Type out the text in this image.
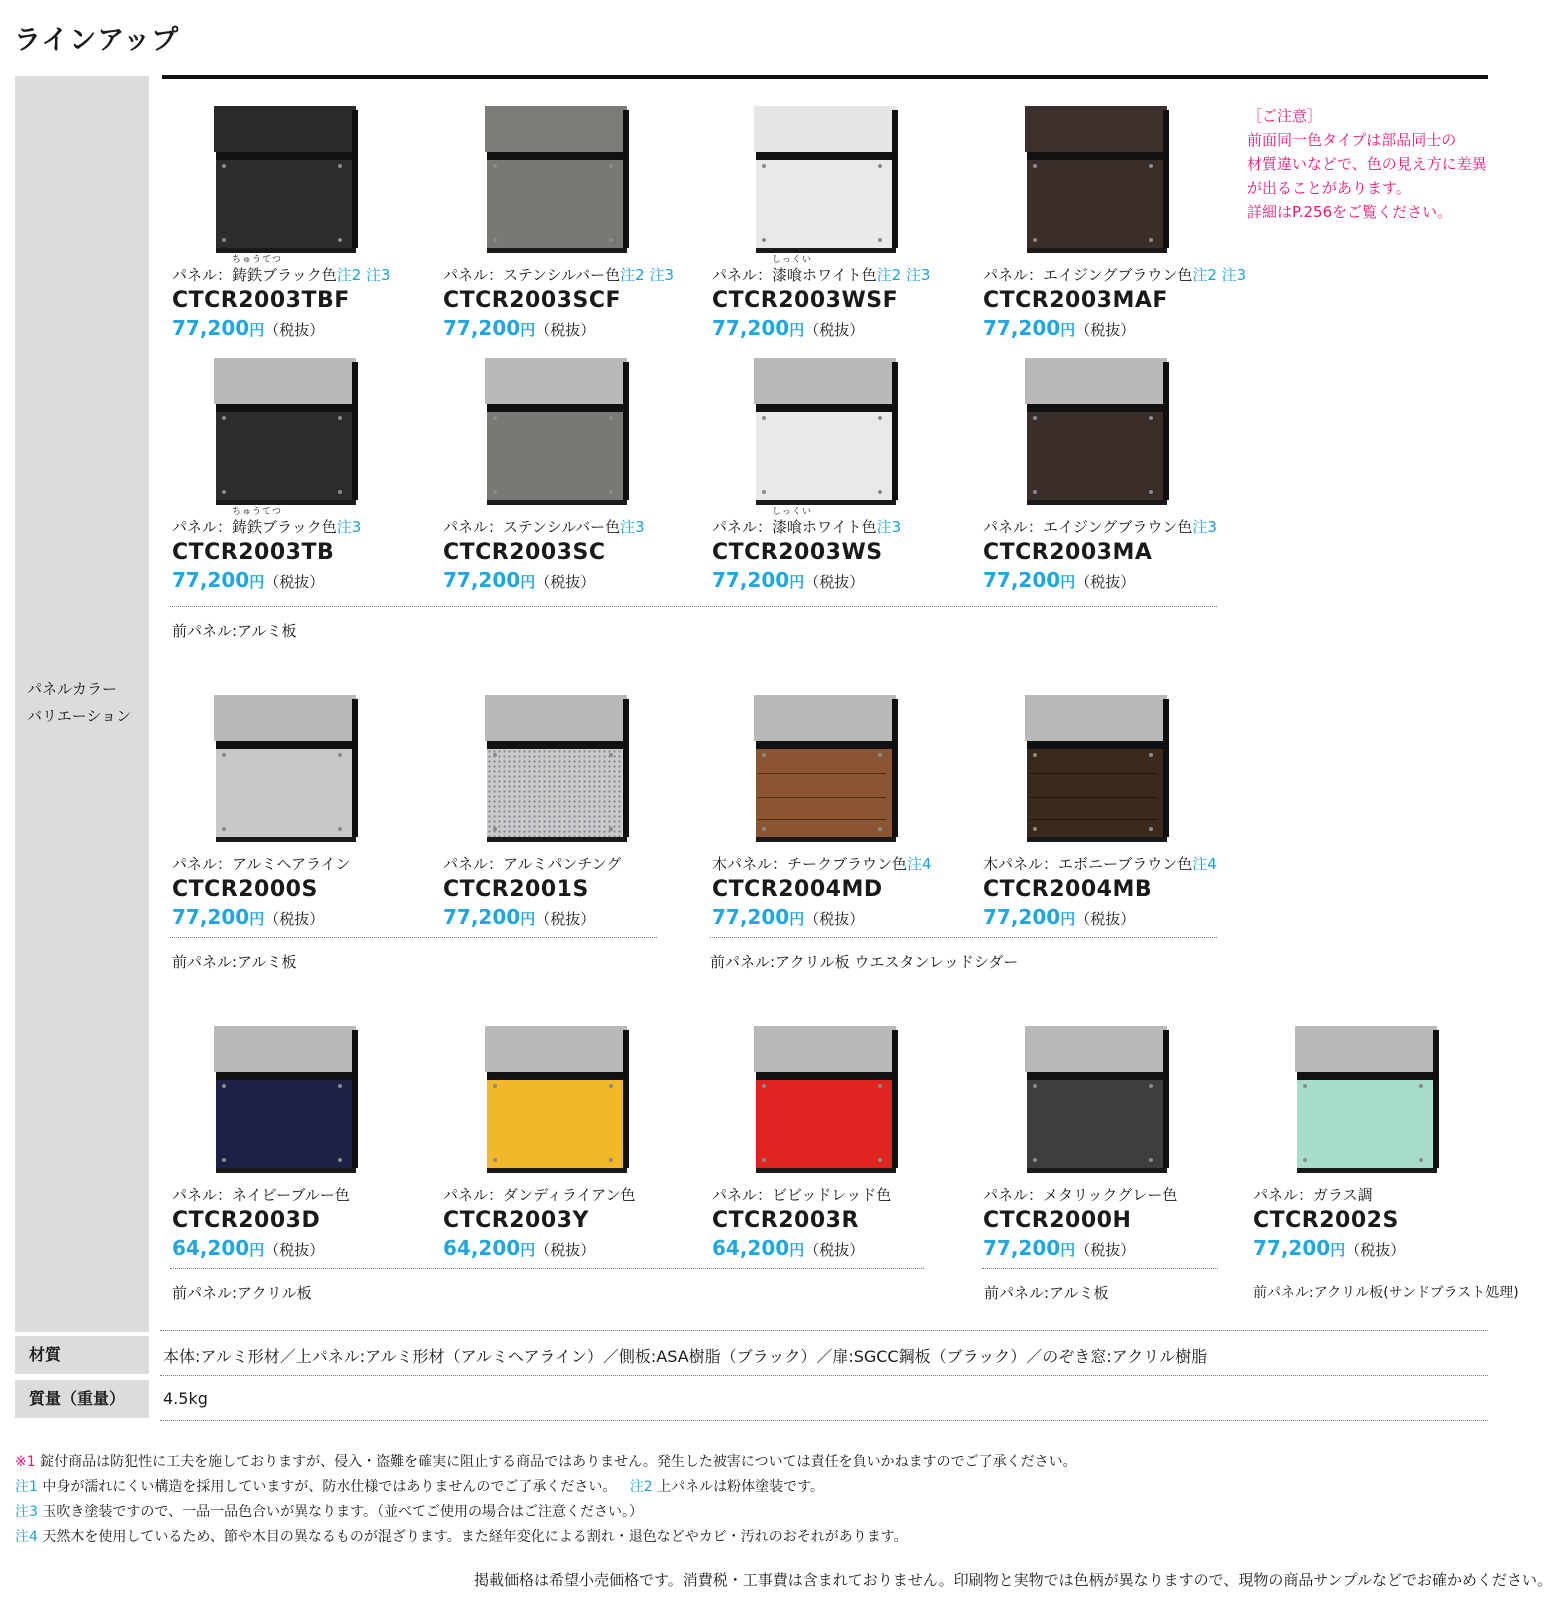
ラインアップ
パネルカラー
バリエーション
［ご注意］
前面同一色タイプは部品同士の
材質違いなどで、色の見え方に差異
が出ることがあります。
詳細はP.256をご覧ください。
パネル：
ちゅうてつ
鋳鉄ブラック色注2 注3
CTCR2003TBF
77,200円（税抜）
パネル：ステンシルバー色注2 注3
CTCR2003SCF
77,200円（税抜）
パネル：
しっくい
漆喰ホワイト色注2 注3
CTCR2003WSF
77,200円（税抜）
パネル：エイジングブラウン色注2 注3
CTCR2003MAF
77,200円（税抜）
パネル：
ちゅうてつ
鋳鉄ブラック色注3
CTCR2003TB
77,200円（税抜）
パネル：ステンシルバー色注3
CTCR2003SC
77,200円（税抜）
パネル：
しっくい
漆喰ホワイト色注3
CTCR2003WS
77,200円（税抜）
パネル：エイジングブラウン色注3
CTCR2003MA
77,200円（税抜）
パネル：アルミヘアライン
CTCR2000S
77,200円（税抜）
パネル：アルミパンチング
CTCR2001S
77,200円（税抜）
木パネル：チークブラウン色注4
CTCR2004MD
77,200円（税抜）
木パネル：エボニーブラウン色注4
CTCR2004MB
77,200円（税抜）
パネル：ネイビーブルー色
CTCR2003D
64,200円（税抜）
パネル：ダンディライアン色
CTCR2003Y
64,200円（税抜）
パネル：ビビッドレッド色
CTCR2003R
64,200円（税抜）
パネル：メタリックグレー色
CTCR2000H
77,200円（税抜）
パネル：ガラス調
CTCR2002S
77,200円（税抜）
前パネル:アルミ板
前パネル:アルミ板	前パネル:アクリル板 ウエスタンレッドシダー
前パネル:アクリル板	前パネル:アルミ板	前パネル:アクリル板(サンドブラスト処理)
材質	本体:アルミ形材／上パネル:アルミ形材（アルミヘアライン）／側板:ASA樹脂（ブラック）／扉:SGCC鋼板（ブラック）／のぞき窓:アクリル樹脂
質量（重量）	4.5kg
※1 錠付商品は防犯性に工夫を施しておりますが、侵入・盗難を確実に阻止する商品ではありません。発生した被害については責任を負いかねますのでご了承ください。
注1 中身が濡れにくい構造を採用していますが、防水仕様ではありませんのでご了承ください。 注2 上パネルは粉体塗装です。
注3 玉吹き塗装ですので、一品一品色合いが異なります。（並べてご使用の場合はご注意ください。）
注4 天然木を使用しているため、節や木目の異なるものが混ざります。また経年変化による割れ・退色などやカビ・汚れのおそれがあります。
掲載価格は希望小売価格です。消費税・工事費は含まれておりません。印刷物と実物では色柄が異なりますので、現物の商品サンプルなどでお確かめください。
